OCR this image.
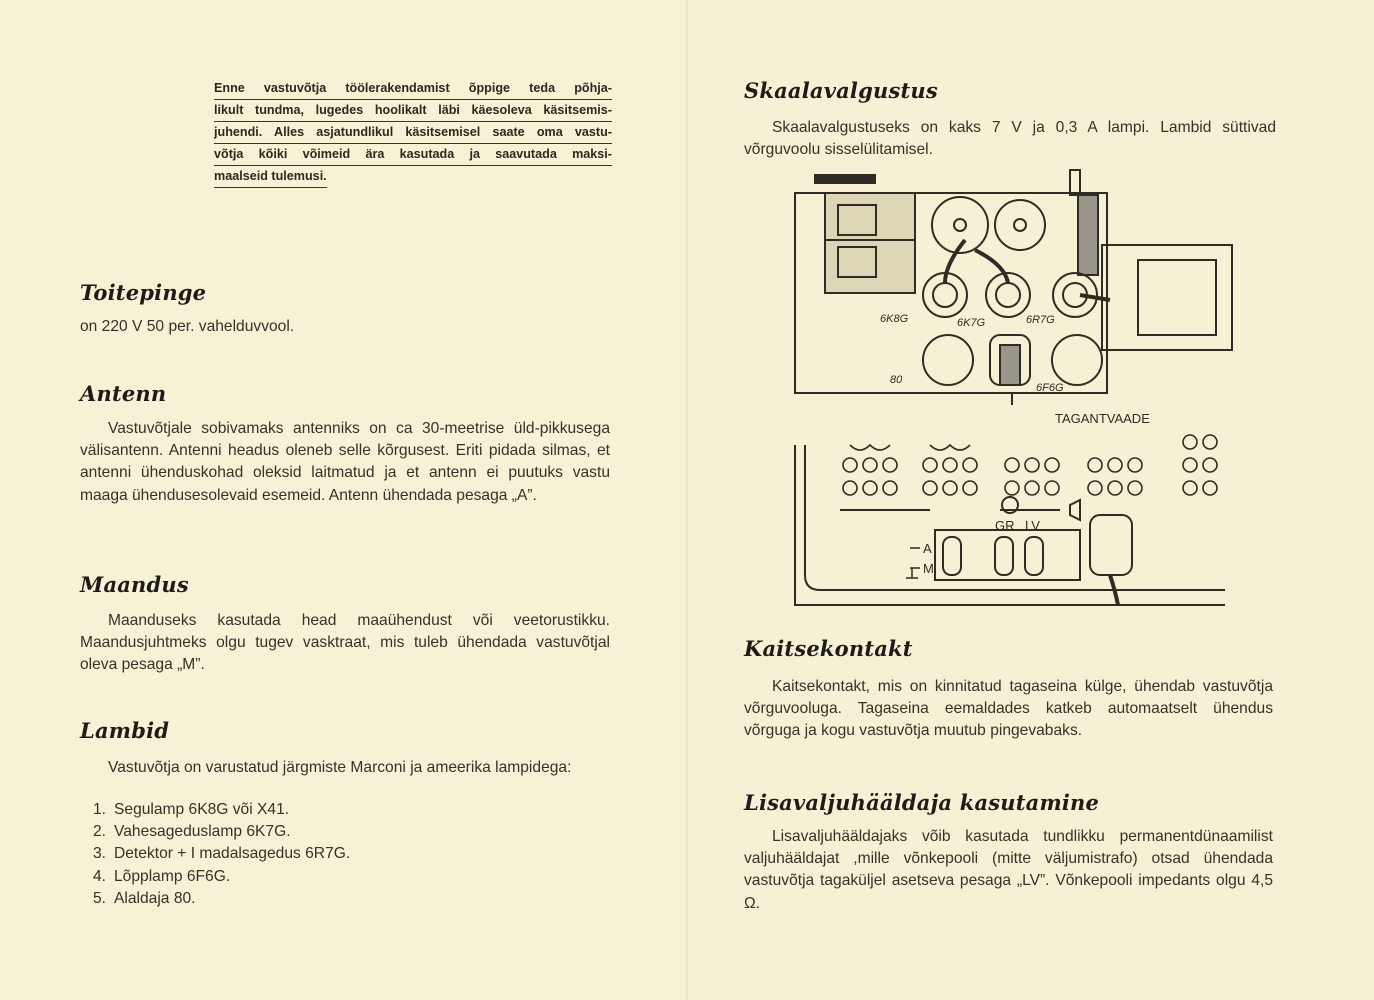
Enne vastuvõtja töölerakendamist õppige teda põhja-
likult tundma, lugedes hoolikalt läbi käesoleva käsitsemis-
juhendi. Alles asjatundlikul käsitsemisel saate oma vastu-
võtja kõiki võimeid ära kasutada ja saavutada maksi-
maalseid tulemusi.
Toitepinge
on 220 V 50 per. vahelduvvool.
Antenn
Vastuvõtjale sobivamaks antenniks on ca 30-meetrise üld-pikkusega välisantenn. Antenni headus oleneb selle kõrgusest. Eriti pidada silmas, et antenni ühenduskohad oleksid laitmatud ja et antenn ei puutuks vastu maaga ühendusesolevaid esemeid. Antenn ühendada pesaga „A”.
Maandus
Maanduseks kasutada head maaühendust või veetorustikku. Maandusjuhtmeks olgu tugev vasktraat, mis tuleb ühendada vastuvõtjal oleva pesaga „M”.
Lambid
Vastuvõtja on varustatud järgmiste Marconi ja ameerika lampidega:
1. Segulamp 6K8G või X41.
2. Vahesageduslamp 6K7G.
3. Detektor + I madalsagedus 6R7G.
4. Lõpplamp 6F6G.
5. Alaldaja 80.
Skaalavalgustus
Skaalavalgustuseks on kaks 7 V ja 0,3 A lampi. Lambid süttivad võrguvoolu sisselülitamisel.
6K8G	6K7G	6R7G
80
6F6G
TAGANTVAADE
GR LV
A
M
Kaitsekontakt
Kaitsekontakt, mis on kinnitatud tagaseina külge, ühendab vastuvõtja võrguvooluga. Tagaseina eemaldades katkeb automaatselt ühendus võrguga ja kogu vastuvõtja muutub pingevabaks.
Lisavaljuhääldaja kasutamine
Lisavaljuhääldajaks võib kasutada tundlikku permanentdünaamilist valjuhääldajat ,mille võnkepooli (mitte väljumistrafo) otsad ühendada vastuvõtja tagaküljel asetseva pesaga „LV”. Võnkepooli impedants olgu 4,5 Ω.
